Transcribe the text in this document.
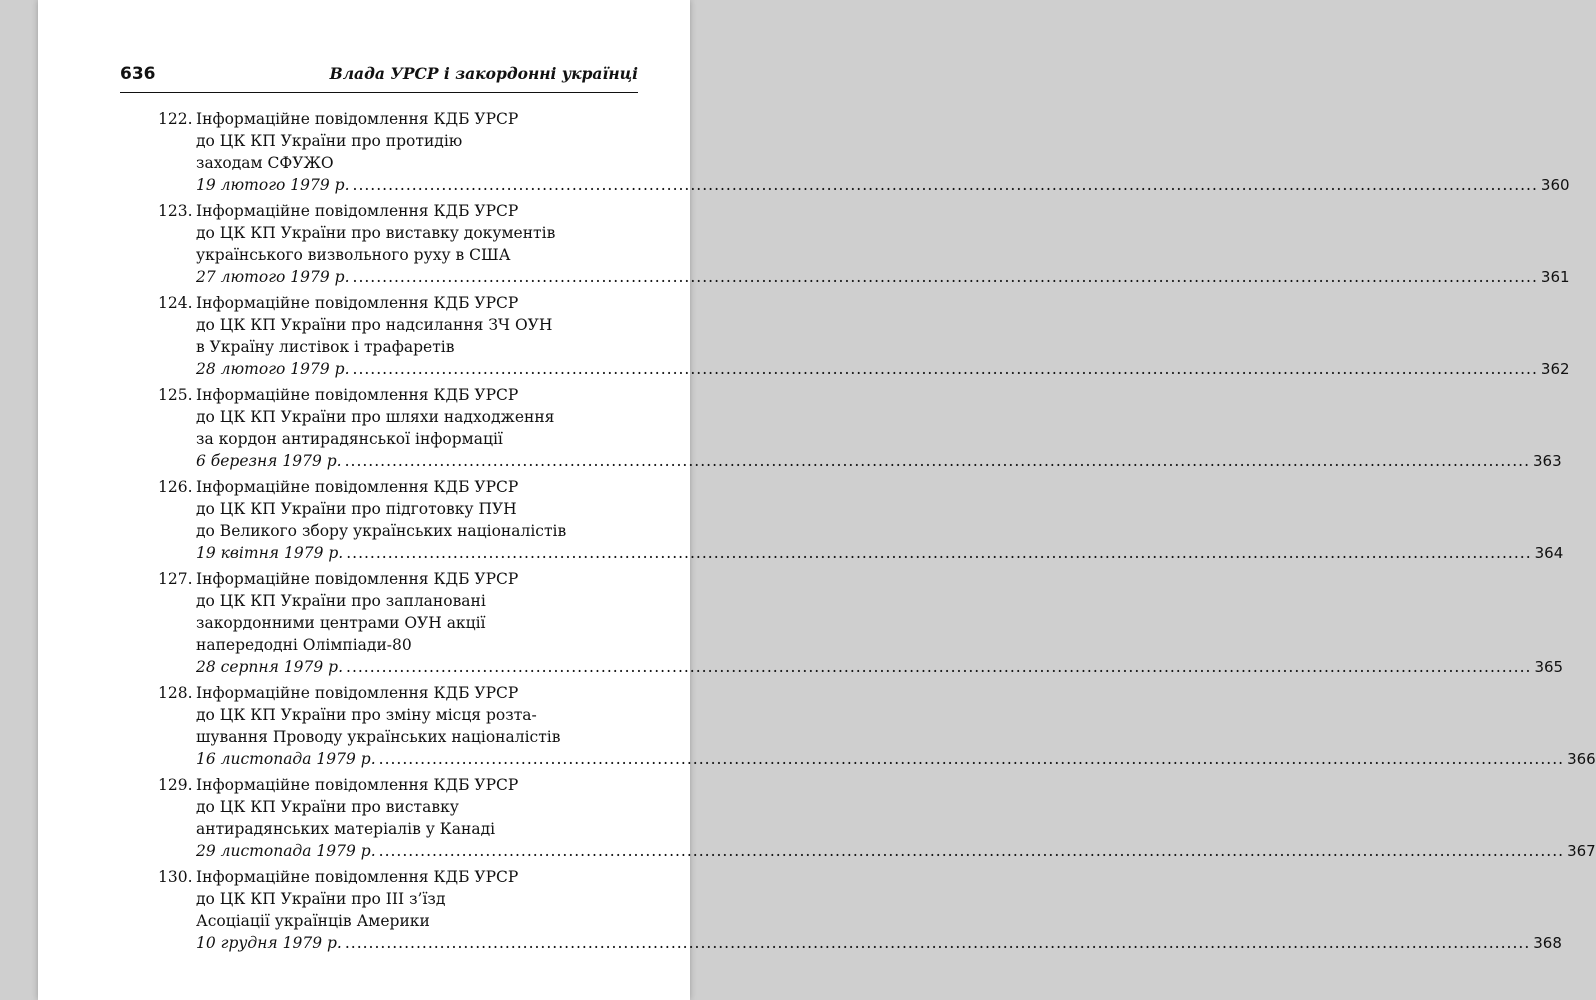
636	Влада УРСР і закордонні українці
122. Інформаційне повідомлення КДБ УРСР
до ЦК КП України про протидію
заходам СФУЖО
19 лютого 1979 р. ........................................................................................................................................................................................................ 360
123. Інформаційне повідомлення КДБ УРСР
до ЦК КП України про виставку документів
українського визвольного руху в США
27 лютого 1979 р. ........................................................................................................................................................................................................ 361
124. Інформаційне повідомлення КДБ УРСР
до ЦК КП України про надсилання ЗЧ ОУН
в Україну листівок і трафаретів
28 лютого 1979 р. ........................................................................................................................................................................................................ 362
125. Інформаційне повідомлення КДБ УРСР
до ЦК КП України про шляхи надходження
за кордон антирадянської інформації
6 березня 1979 р. ........................................................................................................................................................................................................ 363
126. Інформаційне повідомлення КДБ УРСР
до ЦК КП України про підготовку ПУН
до Великого збору українських націоналістів
19 квітня 1979 р. ........................................................................................................................................................................................................ 364
127. Інформаційне повідомлення КДБ УРСР
до ЦК КП України про заплановані
закордонними центрами ОУН акції
напередодні Олімпіади-80
28 серпня 1979 р. ........................................................................................................................................................................................................ 365
128. Інформаційне повідомлення КДБ УРСР
до ЦК КП України про зміну місця розта-
шування Проводу українських націоналістів
16 листопада 1979 р. ........................................................................................................................................................................................................ 366
129. Інформаційне повідомлення КДБ УРСР
до ЦК КП України про виставку
антирадянських матеріалів у Канаді
29 листопада 1979 р. ........................................................................................................................................................................................................ 367
130. Інформаційне повідомлення КДБ УРСР
до ЦК КП України про ІІІ з’їзд
Асоціації українців Америки
10 грудня 1979 р. ........................................................................................................................................................................................................ 368
